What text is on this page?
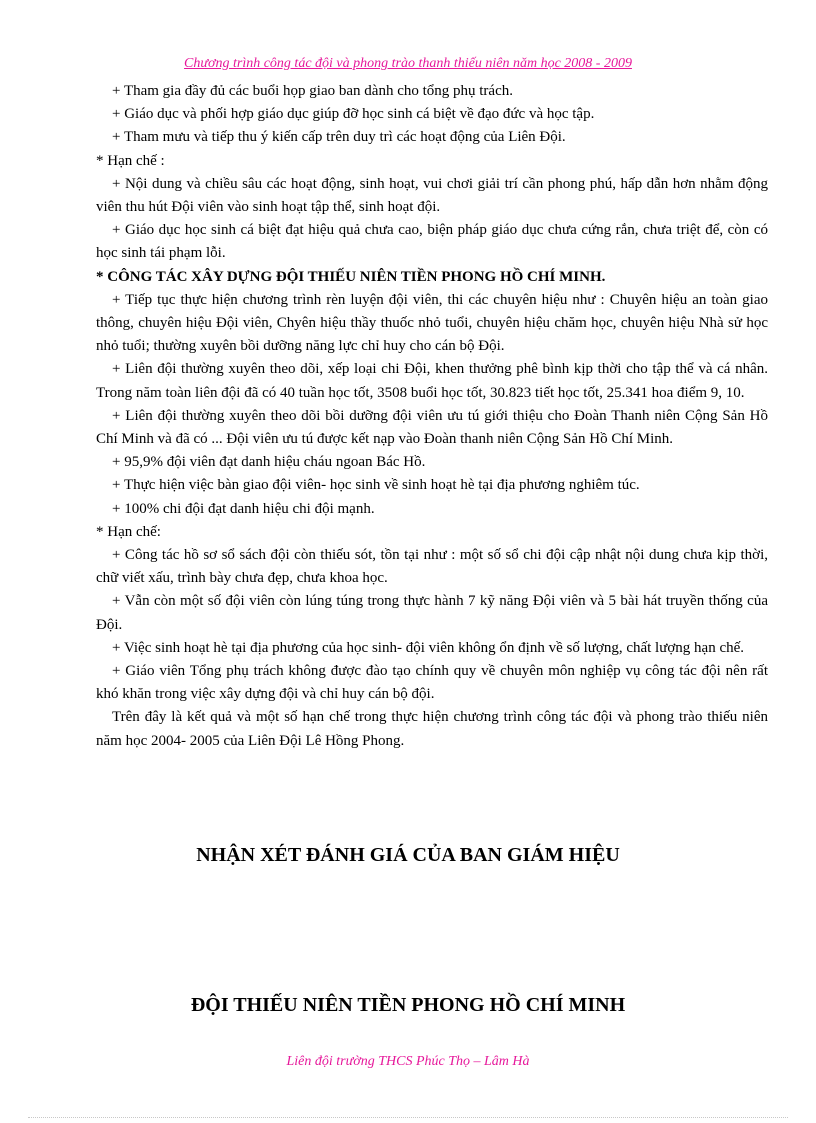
Chương trình công tác đội và phong trào thanh thiếu niên năm học 2008 - 2009

+ Tham gia đầy đủ các buổi họp giao ban dành cho tổng phụ trách.

+ Giáo dục và phối hợp giáo dục giúp đỡ học sinh cá biệt về đạo đức và học tập.

+ Tham mưu và tiếp thu ý kiến cấp trên duy trì các hoạt động của Liên Đội.

* Hạn chế :

+ Nội dung và chiều sâu các hoạt động, sinh hoạt, vui chơi giải trí cần phong phú, hấp dẫn hơn nhằm động viên thu hút Đội viên vào sinh hoạt tập thể, sinh hoạt đội.

+ Giáo dục học sinh cá biệt đạt hiệu quả chưa cao, biện pháp giáo dục chưa cứng rắn, chưa triệt để, còn có học sinh tái phạm lỗi.

* CÔNG TÁC XÂY DỰNG ĐỘI THIẾU NIÊN TIỀN PHONG HỒ CHÍ MINH.

+ Tiếp tục thực hiện chương trình rèn luyện đội viên, thi các chuyên hiệu như : Chuyên hiệu an toàn giao thông, chuyên hiệu Đội viên, Chyên hiệu thầy thuốc nhỏ tuổi, chuyên hiệu chăm học, chuyên hiệu Nhà sử học nhỏ tuổi; thường xuyên bồi dưỡng năng lực chỉ huy cho cán bộ Đội.

+ Liên đội thường xuyên theo dõi, xếp loại chi Đội, khen thưởng phê bình kịp thời cho tập thể và cá nhân. Trong năm toàn liên đội đã có 40 tuần học tốt, 3508 buổi học tốt, 30.823 tiết học tốt, 25.341 hoa điểm 9, 10.

+ Liên đội thường xuyên theo dõi bồi dưỡng đội viên ưu tú giới thiệu cho Đoàn Thanh niên Cộng Sản Hồ Chí Minh và đã có ... Đội viên ưu tú được kết nạp vào Đoàn thanh niên Cộng Sản Hồ Chí Minh.

+ 95,9% đội viên đạt danh hiệu cháu ngoan Bác Hồ.

+ Thực hiện việc bàn giao đội viên- học sinh về sinh hoạt hè tại địa phương nghiêm túc.

+ 100% chi đội đạt danh hiệu chi đội mạnh.

* Hạn chế:

+ Công tác hồ sơ sổ sách đội còn thiếu sót, tồn tại như : một số sổ chi đội cập nhật nội dung chưa kịp thời, chữ viết xấu, trình bày chưa đẹp, chưa khoa học.

+ Vẫn còn một số đội viên còn lúng túng trong thực hành 7 kỹ năng Đội viên và 5 bài hát truyền thống của Đội.

+ Việc sinh hoạt hè tại địa phương của học sinh- đội viên không ổn định về số lượng, chất lượng hạn chế.

+ Giáo viên Tổng phụ trách không được đào tạo chính quy về chuyên môn nghiệp vụ công tác đội nên rất khó khăn trong việc xây dựng đội và chỉ huy cán bộ đội.

Trên đây là kết quả và một số hạn chế trong thực hiện chương trình công tác đội và phong trào thiếu niên năm học 2004- 2005 của Liên Đội Lê Hồng Phong.

NHẬN XÉT ĐÁNH GIÁ CỦA BAN GIÁM HIỆU
ĐỘI THIẾU NIÊN TIỀN PHONG HỒ CHÍ MINH
Liên đội trường THCS Phúc Thọ – Lâm Hà
